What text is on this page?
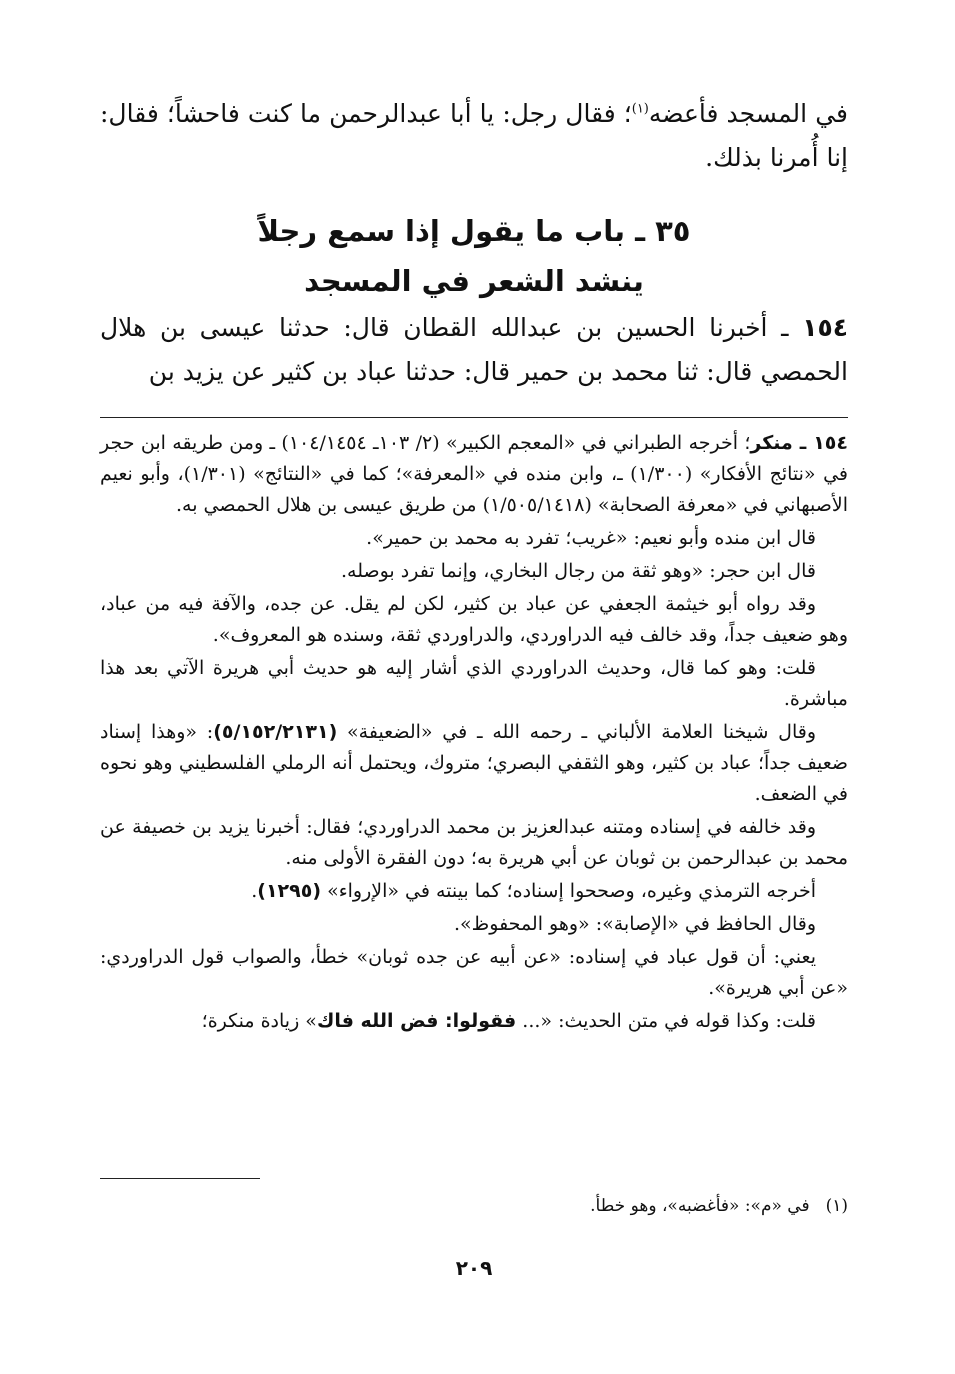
في المسجد فأعضه$^{(١)}$؛ فقال رجل: يا أبا عبدالرحمن ما كنت فاحشاً؛ فقال: إنا أُمرنا بذلك.
٣٥ ـ باب ما يقول إذا سمع رجلاً
ينشد الشعر في المسجد
١٥٤ ـ أخبرنا الحسين بن عبدالله القطان قال: حدثنا عيسى بن هلال الحمصي قال: ثنا محمد بن حمير قال: حدثنا عباد بن كثير عن يزيد بن

١٥٤ ـ منكر؛ أخرجه الطبراني في «المعجم الكبير» (٢/ ١٠٣ـ ١٠٤/١٤٥٤) ـ ومن طريقه ابن حجر في «نتائج الأفكار» (١/٣٠٠) ـ، وابن منده في «المعرفة»؛ كما في «النتائج» (١/٣٠١)، وأبو نعيم الأصبهاني في «معرفة الصحابة» (١/٥٠٥/١٤١٨) من طريق عيسى بن هلال الحمصي به.

قال ابن منده وأبو نعيم: «غريب؛ تفرد به محمد بن حمير».

قال ابن حجر: «وهو ثقة من رجال البخاري، وإنما تفرد بوصله.

وقد رواه أبو خيثمة الجعفي عن عباد بن كثير، لكن لم يقل. عن جده، والآفة فيه من عباد، وهو ضعيف جداً، وقد خالف فيه الدراوردي، والدراوردي ثقة، وسنده هو المعروف».

قلت: وهو كما قال، وحديث الدراوردي الذي أشار إليه هو حديث أبي هريرة الآتي بعد هذا مباشرة.

وقال شيخنا العلامة الألباني ـ رحمه الله ـ في «الضعيفة» (٥/١٥٢/٢١٣١): «وهذا إسناد ضعيف جداً؛ عباد بن كثير، وهو الثقفي البصري؛ متروك، ويحتمل أنه الرملي الفلسطيني وهو نحوه في الضعف.

وقد خالفه في إسناده ومتنه عبدالعزيز بن محمد الدراوردي؛ فقال: أخبرنا يزيد بن خصيفة عن محمد بن عبدالرحمن بن ثوبان عن أبي هريرة به؛ دون الفقرة الأولى منه.

أخرجه الترمذي وغيره، وصححوا إسناده؛ كما بينته في «الإرواء» (١٢٩٥).

وقال الحافظ في «الإصابة»: «وهو المحفوظ».

يعني: أن قول عباد في إسناده: «عن أبيه عن جده ثوبان» خطأ، والصواب قول الدراوردي: «عن أبي هريرة».

قلت: وكذا قوله في متن الحديث: «... فقولوا: فض الله فاك» زيادة منكرة؛

(١)في «م»: «فأغضبه»، وهو خطأ.
٢٠٩
